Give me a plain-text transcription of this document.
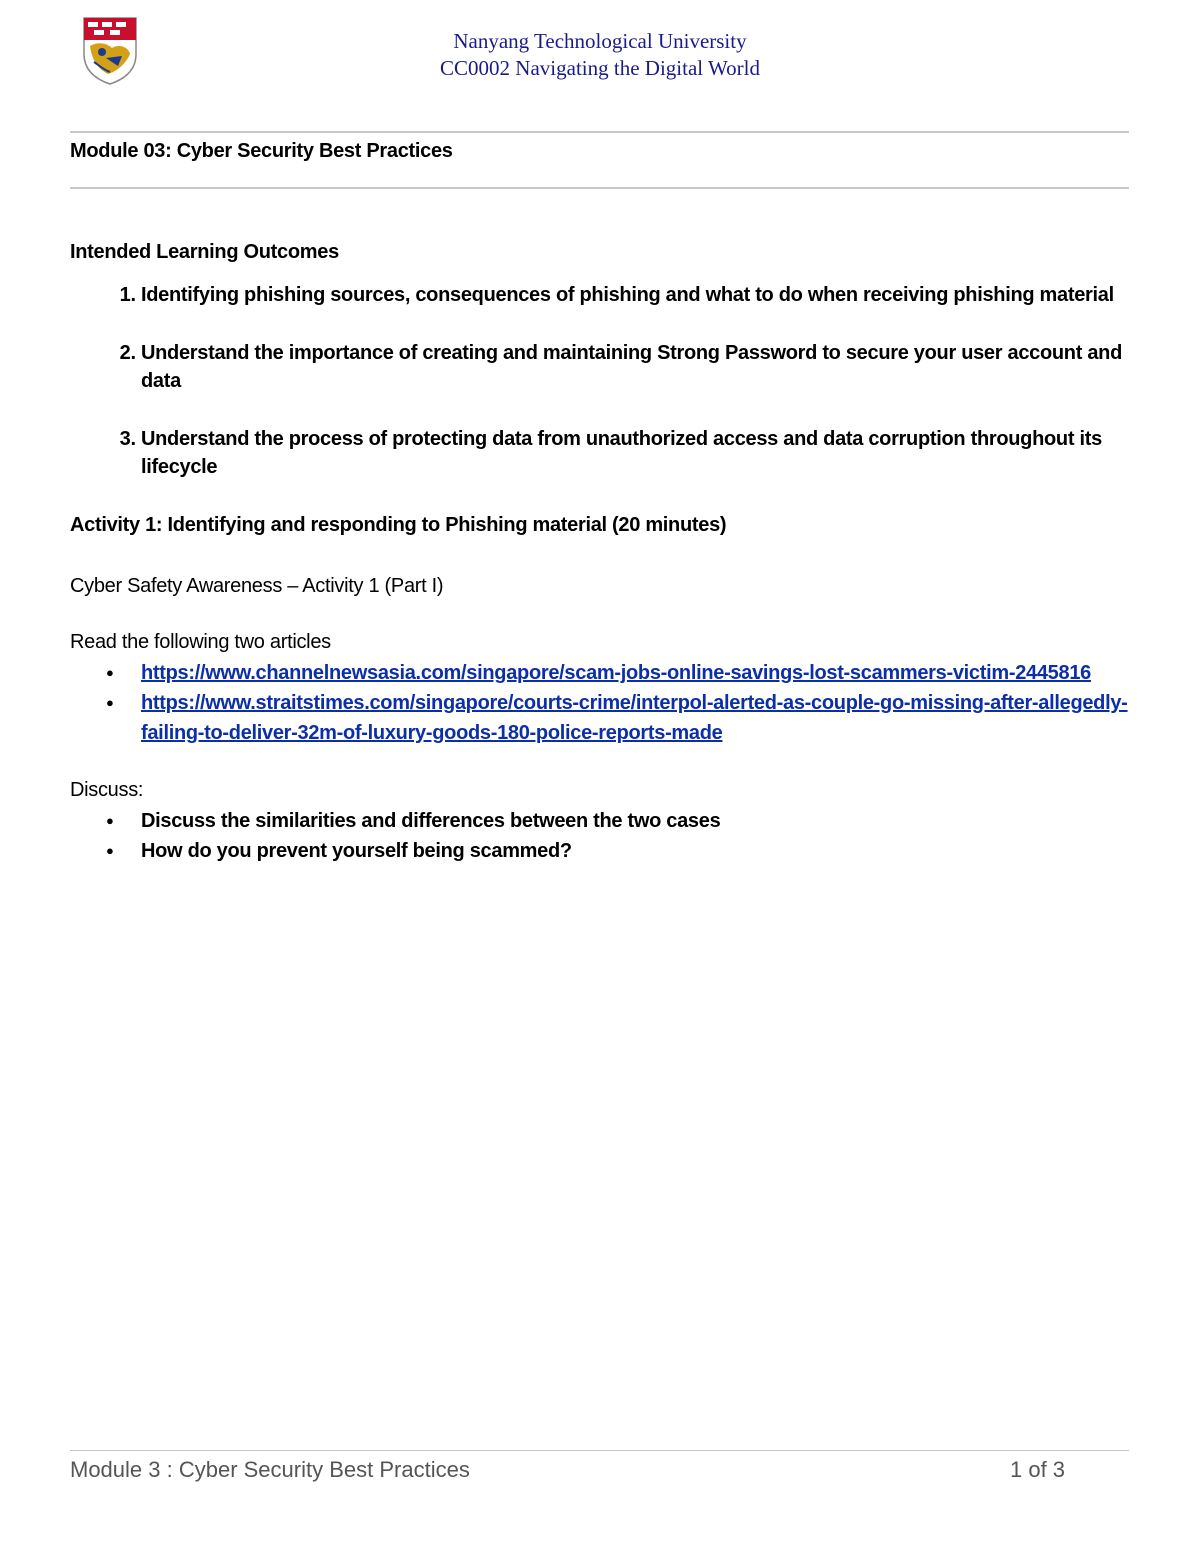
Nanyang Technological University
CC0002 Navigating the Digital World
Module 03: Cyber Security Best Practices

Intended Learning Outcomes

1. Identifying phishing sources, consequences of phishing and what to do when receiving phishing material
2. Understand the importance of creating and maintaining Strong Password to secure your user account and data
3. Understand the process of protecting data from unauthorized access and data corruption throughout its lifecycle
Activity 1: Identifying and responding to Phishing material (20 minutes)
Cyber Safety Awareness – Activity 1 (Part I)
Read the following two articles
● https://www.channelnewsasia.com/singapore/scam-jobs-online-savings-lost-scammers-victim-2445816
● https://www.straitstimes.com/singapore/courts-crime/interpol-alerted-as-couple-go-missing-after-allegedly-failing-to-deliver-32m-of-luxury-goods-180-police-reports-made
Discuss:
● Discuss the similarities and differences between the two cases
● How do you prevent yourself being scammed?
Module 3 : Cyber Security Best Practices	1 of 3
